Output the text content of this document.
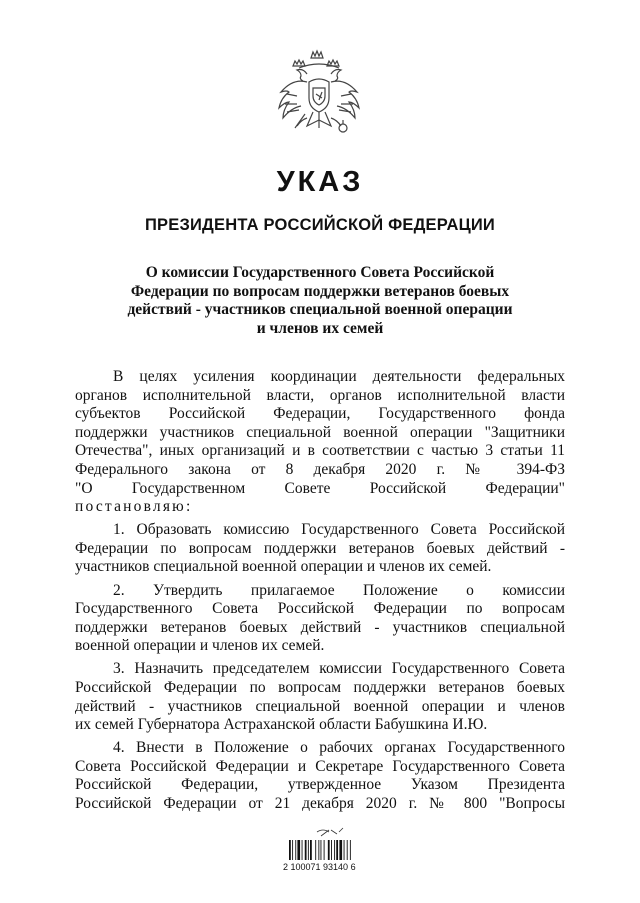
УКАЗ
ПРЕЗИДЕНТА РОССИЙСКОЙ ФЕДЕРАЦИИ
О комиссии Государственного Совета Российской
Федерации по вопросам поддержки ветеранов боевых
действий - участников специальной военной операции
и членов их семей
В целях усиления координации деятельности федеральных
органов исполнительной власти, органов исполнительной власти
субъектов Российской Федерации, Государственного фонда
поддержки участников специальной военной операции "Защитники
Отечества", иных организаций и в соответствии с частью 3 статьи 11
Федерального закона от 8 декабря 2020 г. № 394-ФЗ
"О Государственном Совете Российской Федерации"
постановляю:
1. Образовать комиссию Государственного Совета Российской
Федерации по вопросам поддержки ветеранов боевых действий -
участников специальной военной операции и членов их семей.
2. Утвердить прилагаемое Положение о комиссии
Государственного Совета Российской Федерации по вопросам
поддержки ветеранов боевых действий - участников специальной
военной операции и членов их семей.
3. Назначить председателем комиссии Государственного Совета
Российской Федерации по вопросам поддержки ветеранов боевых
действий - участников специальной военной операции и членов
их семей Губернатора Астраханской области Бабушкина И.Ю.
4. Внести в Положение о рабочих органах Государственного
Совета Российской Федерации и Секретаре Государственного Совета
Российской Федерации, утвержденное Указом Президента
Российской Федерации от 21 декабря 2020 г. № 800 "Вопросы
2 100071 93140 6
